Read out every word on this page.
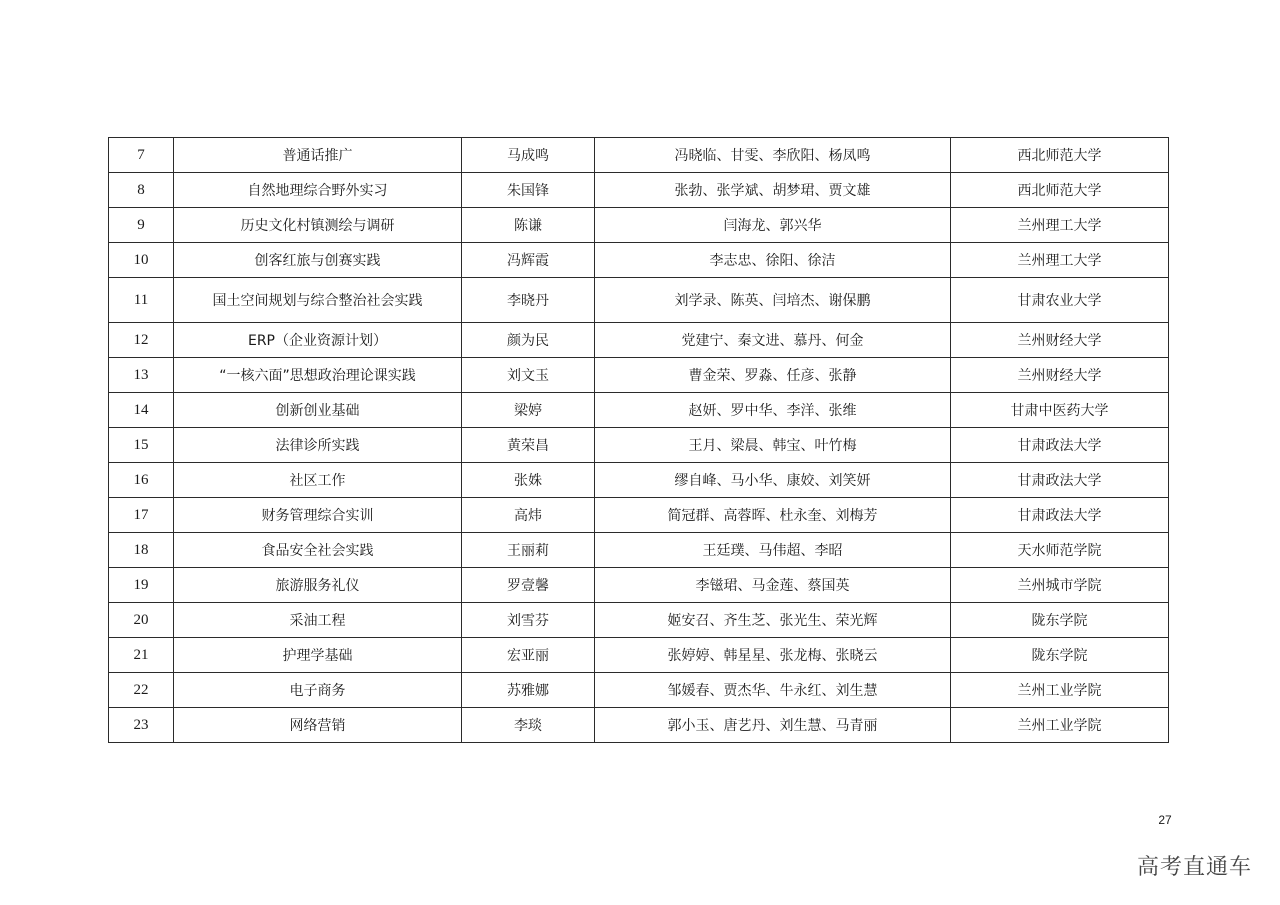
7	普通话推广	马成鸣	冯晓临、甘雯、李欣阳、杨凤鸣	西北师范大学
8	自然地理综合野外实习	朱国锋	张勃、张学斌、胡梦珺、贾文雄	西北师范大学
9	历史文化村镇测绘与调研	陈谦	闫海龙、郭兴华	兰州理工大学
10	创客红旅与创赛实践	冯辉霞	李志忠、徐阳、徐洁	兰州理工大学
11	国土空间规划与综合整治社会实践	李晓丹	刘学录、陈英、闫培杰、谢保鹏	甘肃农业大学
12	ERP（企业资源计划）	颜为民	党建宁、秦文进、慕丹、何金	兰州财经大学
13	“一核六面”思想政治理论课实践	刘文玉	曹金荣、罗淼、任彦、张静	兰州财经大学
14	创新创业基础	梁婷	赵妍、罗中华、李洋、张维	甘肃中医药大学
15	法律诊所实践	黄荣昌	王月、梁晨、韩宝、叶竹梅	甘肃政法大学
16	社区工作	张姝	缪自峰、马小华、康姣、刘笑妍	甘肃政法大学
17	财务管理综合实训	高炜	简冠群、高蓉晖、杜永奎、刘梅芳	甘肃政法大学
18	食品安全社会实践	王丽莉	王廷璞、马伟超、李昭	天水师范学院
19	旅游服务礼仪	罗壹馨	李镃珺、马金莲、蔡国英	兰州城市学院
20	采油工程	刘雪芬	姬安召、齐生芝、张光生、荣光辉	陇东学院
21	护理学基础	宏亚丽	张婷婷、韩星星、张龙梅、张晓云	陇东学院
22	电子商务	苏雅娜	邹媛春、贾杰华、牛永红、刘生慧	兰州工业学院
23	网络营销	李琰	郭小玉、唐艺丹、刘生慧、马青丽	兰州工业学院
27
高考直通车
